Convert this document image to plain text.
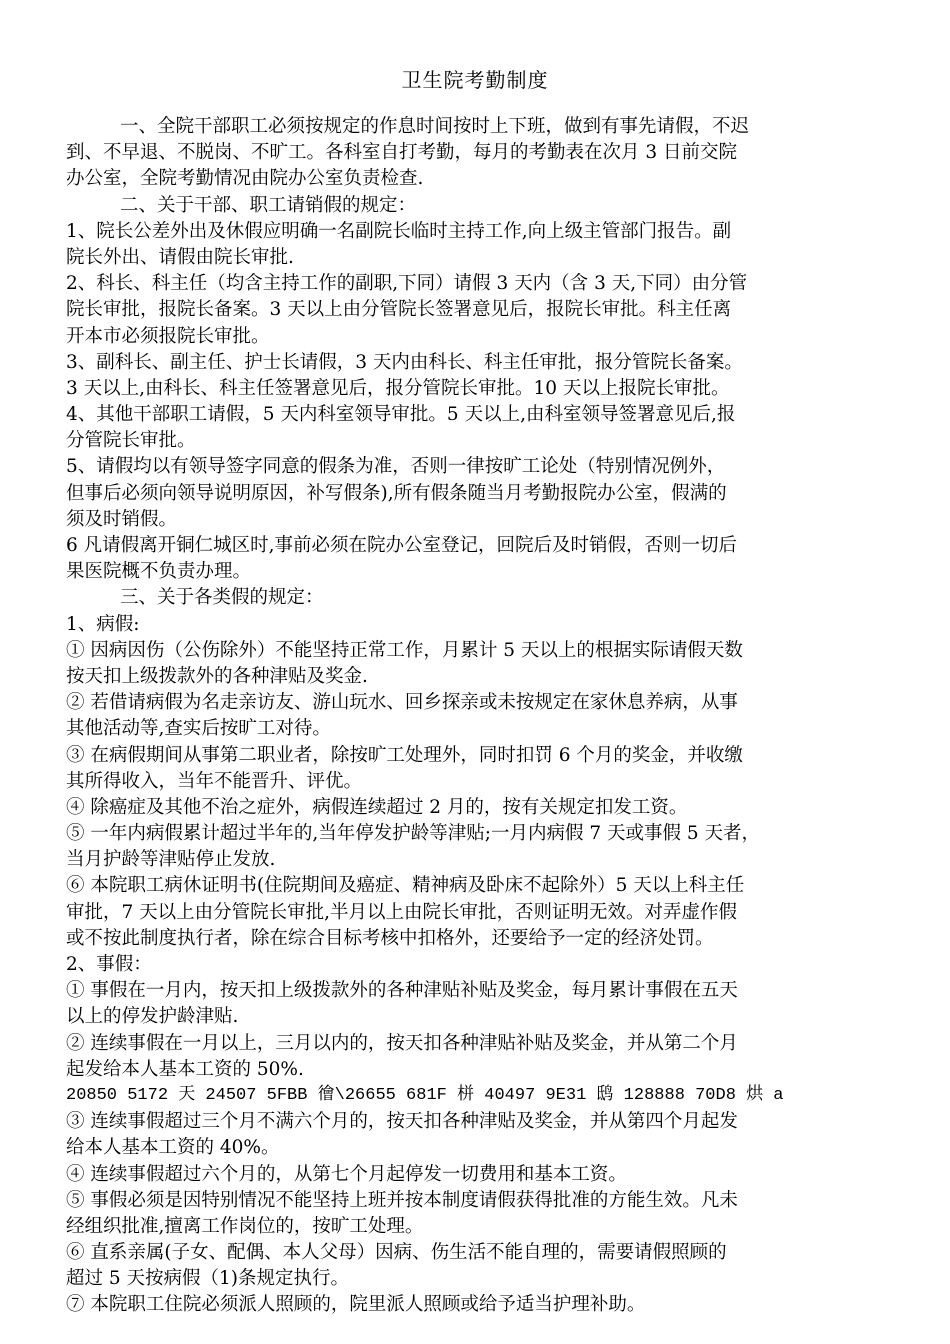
卫生院考勤制度
一、全院干部职工必须按规定的作息时间按时上下班，做到有事先请假，不迟
到、不早退、不脱岗、不旷工。各科室自打考勤，每月的考勤表在次月 3 日前交院
办公室，全院考勤情况由院办公室负责检查.
二、关于干部、职工请销假的规定：
1、院长公差外出及休假应明确一名副院长临时主持工作,向上级主管部门报告。副
院长外出、请假由院长审批.
2、科长、科主任（均含主持工作的副职,下同）请假 3 天内（含 3 天,下同）由分管
院长审批，报院长备案。3 天以上由分管院长签署意见后，报院长审批。科主任离
开本市必须报院长审批。
3、副科长、副主任、护士长请假，3 天内由科长、科主任审批，报分管院长备案。
3 天以上,由科长、科主任签署意见后，报分管院长审批。10 天以上报院长审批。
4、其他干部职工请假，5 天内科室领导审批。5 天以上,由科室领导签署意见后,报
分管院长审批。
5、请假均以有领导签字同意的假条为准，否则一律按旷工论处（特别情况例外，
但事后必须向领导说明原因，补写假条),所有假条随当月考勤报院办公室，假满的
须及时销假。
6 凡请假离开铜仁城区时,事前必须在院办公室登记，回院后及时销假，否则一切后
果医院概不负责办理。
三、关于各类假的规定：
1、病假:
① 因病因伤（公伤除外）不能坚持正常工作，月累计 5 天以上的根据实际请假天数
按天扣上级拨款外的各种津贴及奖金.
② 若借请病假为名走亲访友、游山玩水、回乡探亲或未按规定在家休息养病，从事
其他活动等,查实后按旷工对待。
③ 在病假期间从事第二职业者，除按旷工处理外，同时扣罚 6 个月的奖金，并收缴
其所得收入，当年不能晋升、评优。
④ 除癌症及其他不治之症外，病假连续超过 2 月的，按有关规定扣发工资。
⑤ 一年内病假累计超过半年的,当年停发护龄等津贴;一月内病假 7 天或事假 5 天者，
当月护龄等津贴停止发放.
⑥ 本院职工病休证明书(住院期间及癌症、精神病及卧床不起除外）5 天以上科主任
审批，7 天以上由分管院长审批,半月以上由院长审批，否则证明无效。对弄虚作假
或不按此制度执行者，除在综合目标考核中扣格外，还要给予一定的经济处罚。
2、事假：
① 事假在一月内，按天扣上级拨款外的各种津贴补贴及奖金，每月累计事假在五天
以上的停发护龄津贴.
② 连续事假在一月以上，三月以内的，按天扣各种津贴补贴及奖金，并从第二个月
起发给本人基本工资的 50%.
20850 5172 天 24507 5FBB 徻\26655 681F 栟 40497 9E31 鸱 128888 70D8 烘 a
③ 连续事假超过三个月不满六个月的，按天扣各种津贴及奖金，并从第四个月起发
给本人基本工资的 40%。
④ 连续事假超过六个月的，从第七个月起停发一切费用和基本工资。
⑤ 事假必须是因特别情况不能坚持上班并按本制度请假获得批准的方能生效。凡未
经组织批准,擅离工作岗位的，按旷工处理。
⑥ 直系亲属(子女、配偶、本人父母）因病、伤生活不能自理的，需要请假照顾的
超过 5 天按病假（1)条规定执行。
⑦ 本院职工住院必须派人照顾的，院里派人照顾或给予适当护理补助。
